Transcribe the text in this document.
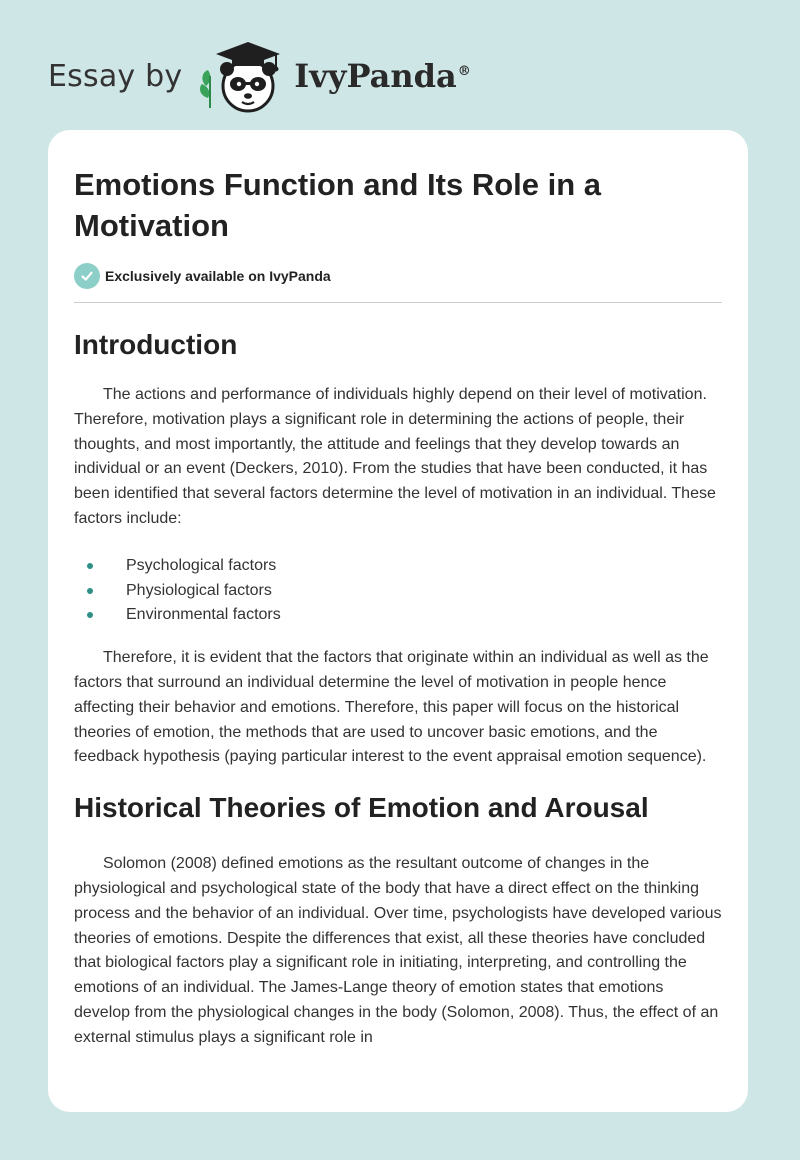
Essay by	IvyPanda®
Emotions Function and Its Role in a Motivation
Exclusively available on IvyPanda
Introduction

The actions and performance of individuals highly depend on their level of motivation. Therefore, motivation plays a significant role in determining the actions of people, their thoughts, and most importantly, the attitude and feelings that they develop towards an individual or an event (Deckers, 2010). From the studies that have been conducted, it has been identified that several factors determine the level of motivation in an individual. These factors include:

Psychological factors
Physiological factors
Environmental factors

Therefore, it is evident that the factors that originate within an individual as well as the factors that surround an individual determine the level of motivation in people hence affecting their behavior and emotions. Therefore, this paper will focus on the historical theories of emotion, the methods that are used to uncover basic emotions, and the feedback hypothesis (paying particular interest to the event appraisal emotion sequence).

Historical Theories of Emotion and Arousal

Solomon (2008) defined emotions as the resultant outcome of changes in the physiological and psychological state of the body that have a direct effect on the thinking process and the behavior of an individual. Over time, psychologists have developed various theories of emotions. Despite the differences that exist, all these theories have concluded that biological factors play a significant role in initiating, interpreting, and controlling the emotions of an individual. The James-Lange theory of emotion states that emotions develop from the physiological changes in the body (Solomon, 2008). Thus, the effect of an external stimulus plays a significant role in
